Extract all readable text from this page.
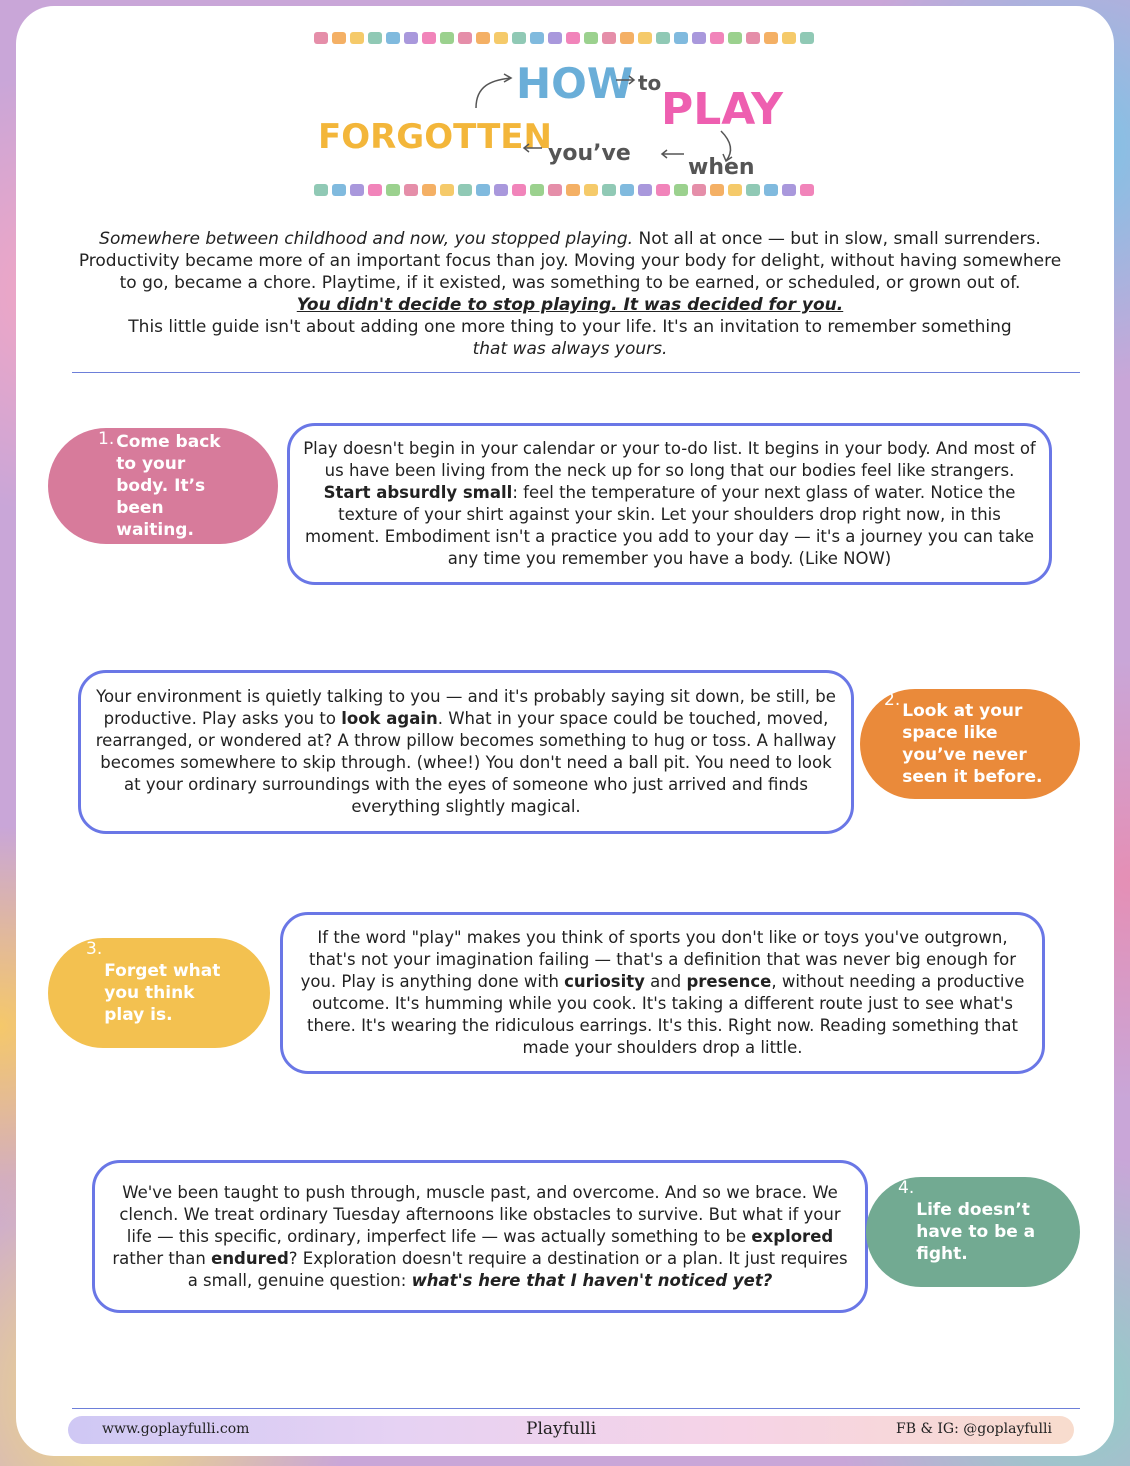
HOW to
PLAY
FORGOTTEN
you’ve
when

Somewhere between childhood and now, you stopped playing. Not all at once — but in slow, small surrenders.

Productivity became more of an important focus than joy. Moving your body for delight, without having somewhere

to go, became a chore. Playtime, if it existed, was something to be earned, or scheduled, or grown out of.

You didn't decide to stop playing. It was decided for you.

This little guide isn't about adding one more thing to your life. It's an invitation to remember something

that was always yours.

1. Come back to your body. It’s been waiting.

Play doesn't begin in your calendar or your to-do list. It begins in your body. And most of us have been living from the neck up for so long that our bodies feel like strangers. Start absurdly small: feel the temperature of your next glass of water. Notice the texture of your shirt against your skin. Let your shoulders drop right now, in this moment. Embodiment isn't a practice you add to your day — it's a journey you can take any time you remember you have a body. (Like NOW)

Your environment is quietly talking to you — and it's probably saying sit down, be still, be productive. Play asks you to look again. What in your space could be touched, moved, rearranged, or wondered at? A throw pillow becomes something to hug or toss. A hallway becomes somewhere to skip through. (whee!) You don't need a ball pit. You need to look at your ordinary surroundings with the eyes of someone who just arrived and finds everything slightly magical.

2.
Look at your space like you’ve never seen it before.
3.
Forget what you think play is.

If the word "play" makes you think of sports you don't like or toys you've outgrown, that's not your imagination failing — that's a definition that was never big enough for you. Play is anything done with curiosity and presence, without needing a productive outcome. It's humming while you cook. It's taking a different route just to see what's there. It's wearing the ridiculous earrings. It's this. Right now. Reading something that made your shoulders drop a little.

We've been taught to push through, muscle past, and overcome. And so we brace. We clench. We treat ordinary Tuesday afternoons like obstacles to survive. But what if your life — this specific, ordinary, imperfect life — was actually something to be explored rather than endured? Exploration doesn't require a destination or a plan. It just requires a small, genuine question: what's here that I haven't noticed yet?

4.
Life doesn’t have to be a fight.
www.goplayfulli.com	Playfulli	FB & IG: @goplayfulli
